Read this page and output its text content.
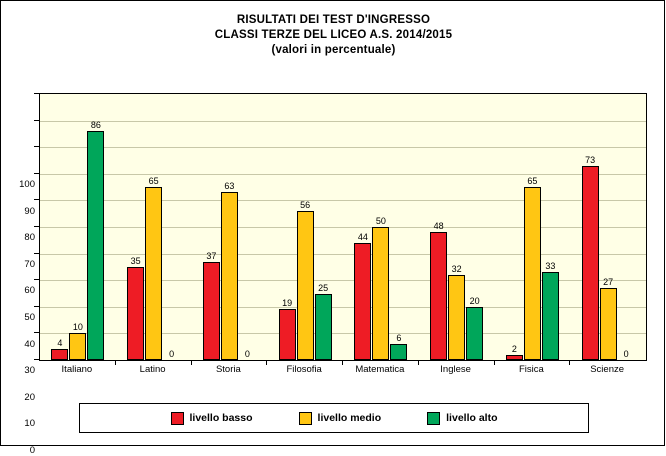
RISULTATI DEI TEST D'INGRESSO
CLASSI TERZE DEL LICEO A.S. 2014/2015
(valori in percentuale)
0
10
20
30
40
50
60
70
80
90
100
4
10
86
35
65
0
37
63
0
19
56
25
44
50
6
48
32
20
2
65
33
73
27
0
Italiano	Latino	Storia	Filosofia	Matematica	Inglese	Fisica	Scienze
livello basso	livello medio	livello alto
